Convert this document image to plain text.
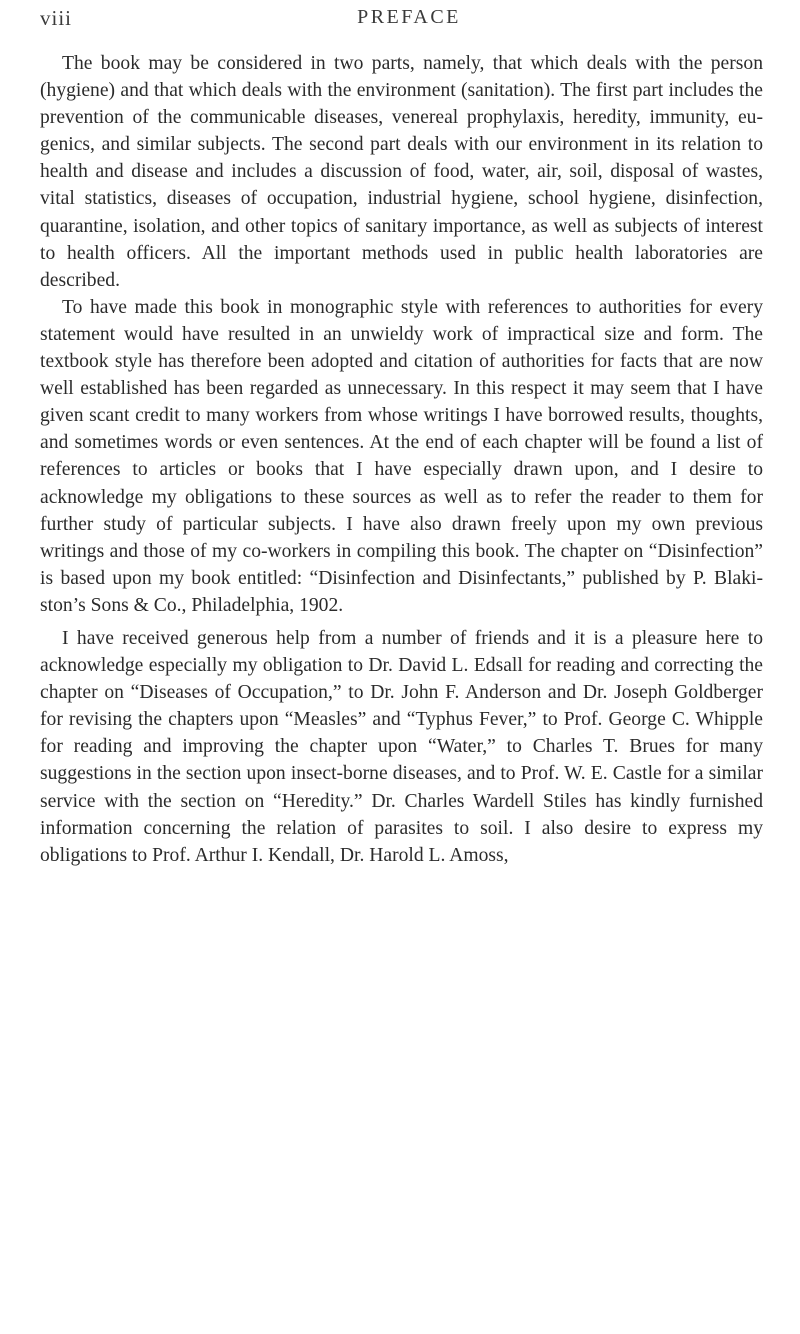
viii	PREFACE

The book may be considered in two parts, namely, that which deals with the person (hygiene) and that which deals with the environment (sanitation). The first part includes the prevention of the communicable diseases, venereal prophylaxis, heredity, immunity, eugenics, and similar subjects. The second part deals with our environment in its relation to health and disease and includes a discussion of food, water, air, soil, disposal of wastes, vital statistics, diseases of occupation, industrial hygiene, school hygiene, disinfection, quarantine, isolation, and other topics of sanitary importance, as well as subjects of interest to health officers. All the important methods used in public health laboratories are described.

To have made this book in monographic style with references to authorities for every statement would have resulted in an unwieldy work of impractical size and form. The textbook style has therefore been adopted and citation of authorities for facts that are now well established has been regarded as unnecessary. In this respect it may seem that I have given scant credit to many workers from whose writings I have borrowed results, thoughts, and sometimes words or even sentences. At the end of each chapter will be found a list of references to articles or books that I have especially drawn upon, and I desire to acknowledge my obligations to these sources as well as to refer the reader to them for further study of particular subjects. I have also drawn freely upon my own previous writings and those of my co-workers in compiling this book. The chapter on “Disinfection” is based upon my book entitled: “Disinfection and Disinfectants,” published by P. Blakiston’s Sons & Co., Philadelphia, 1902.

I have received generous help from a number of friends and it is a pleasure here to acknowledge especially my obligation to Dr. David L. Edsall for reading and correcting the chapter on “Diseases of Occupation,” to Dr. John F. Anderson and Dr. Joseph Goldberger for revising the chapters upon “Measles” and “Typhus Fever,” to Prof. George C. Whipple for reading and improving the chapter upon “Water,” to Charles T. Brues for many suggestions in the section upon insect-borne diseases, and to Prof. W. E. Castle for a similar service with the section on “Heredity.” Dr. Charles Wardell Stiles has kindly furnished information concerning the relation of parasites to soil. I also desire to express my obligations to Prof. Arthur I. Kendall, Dr. Harold L. Amoss,
